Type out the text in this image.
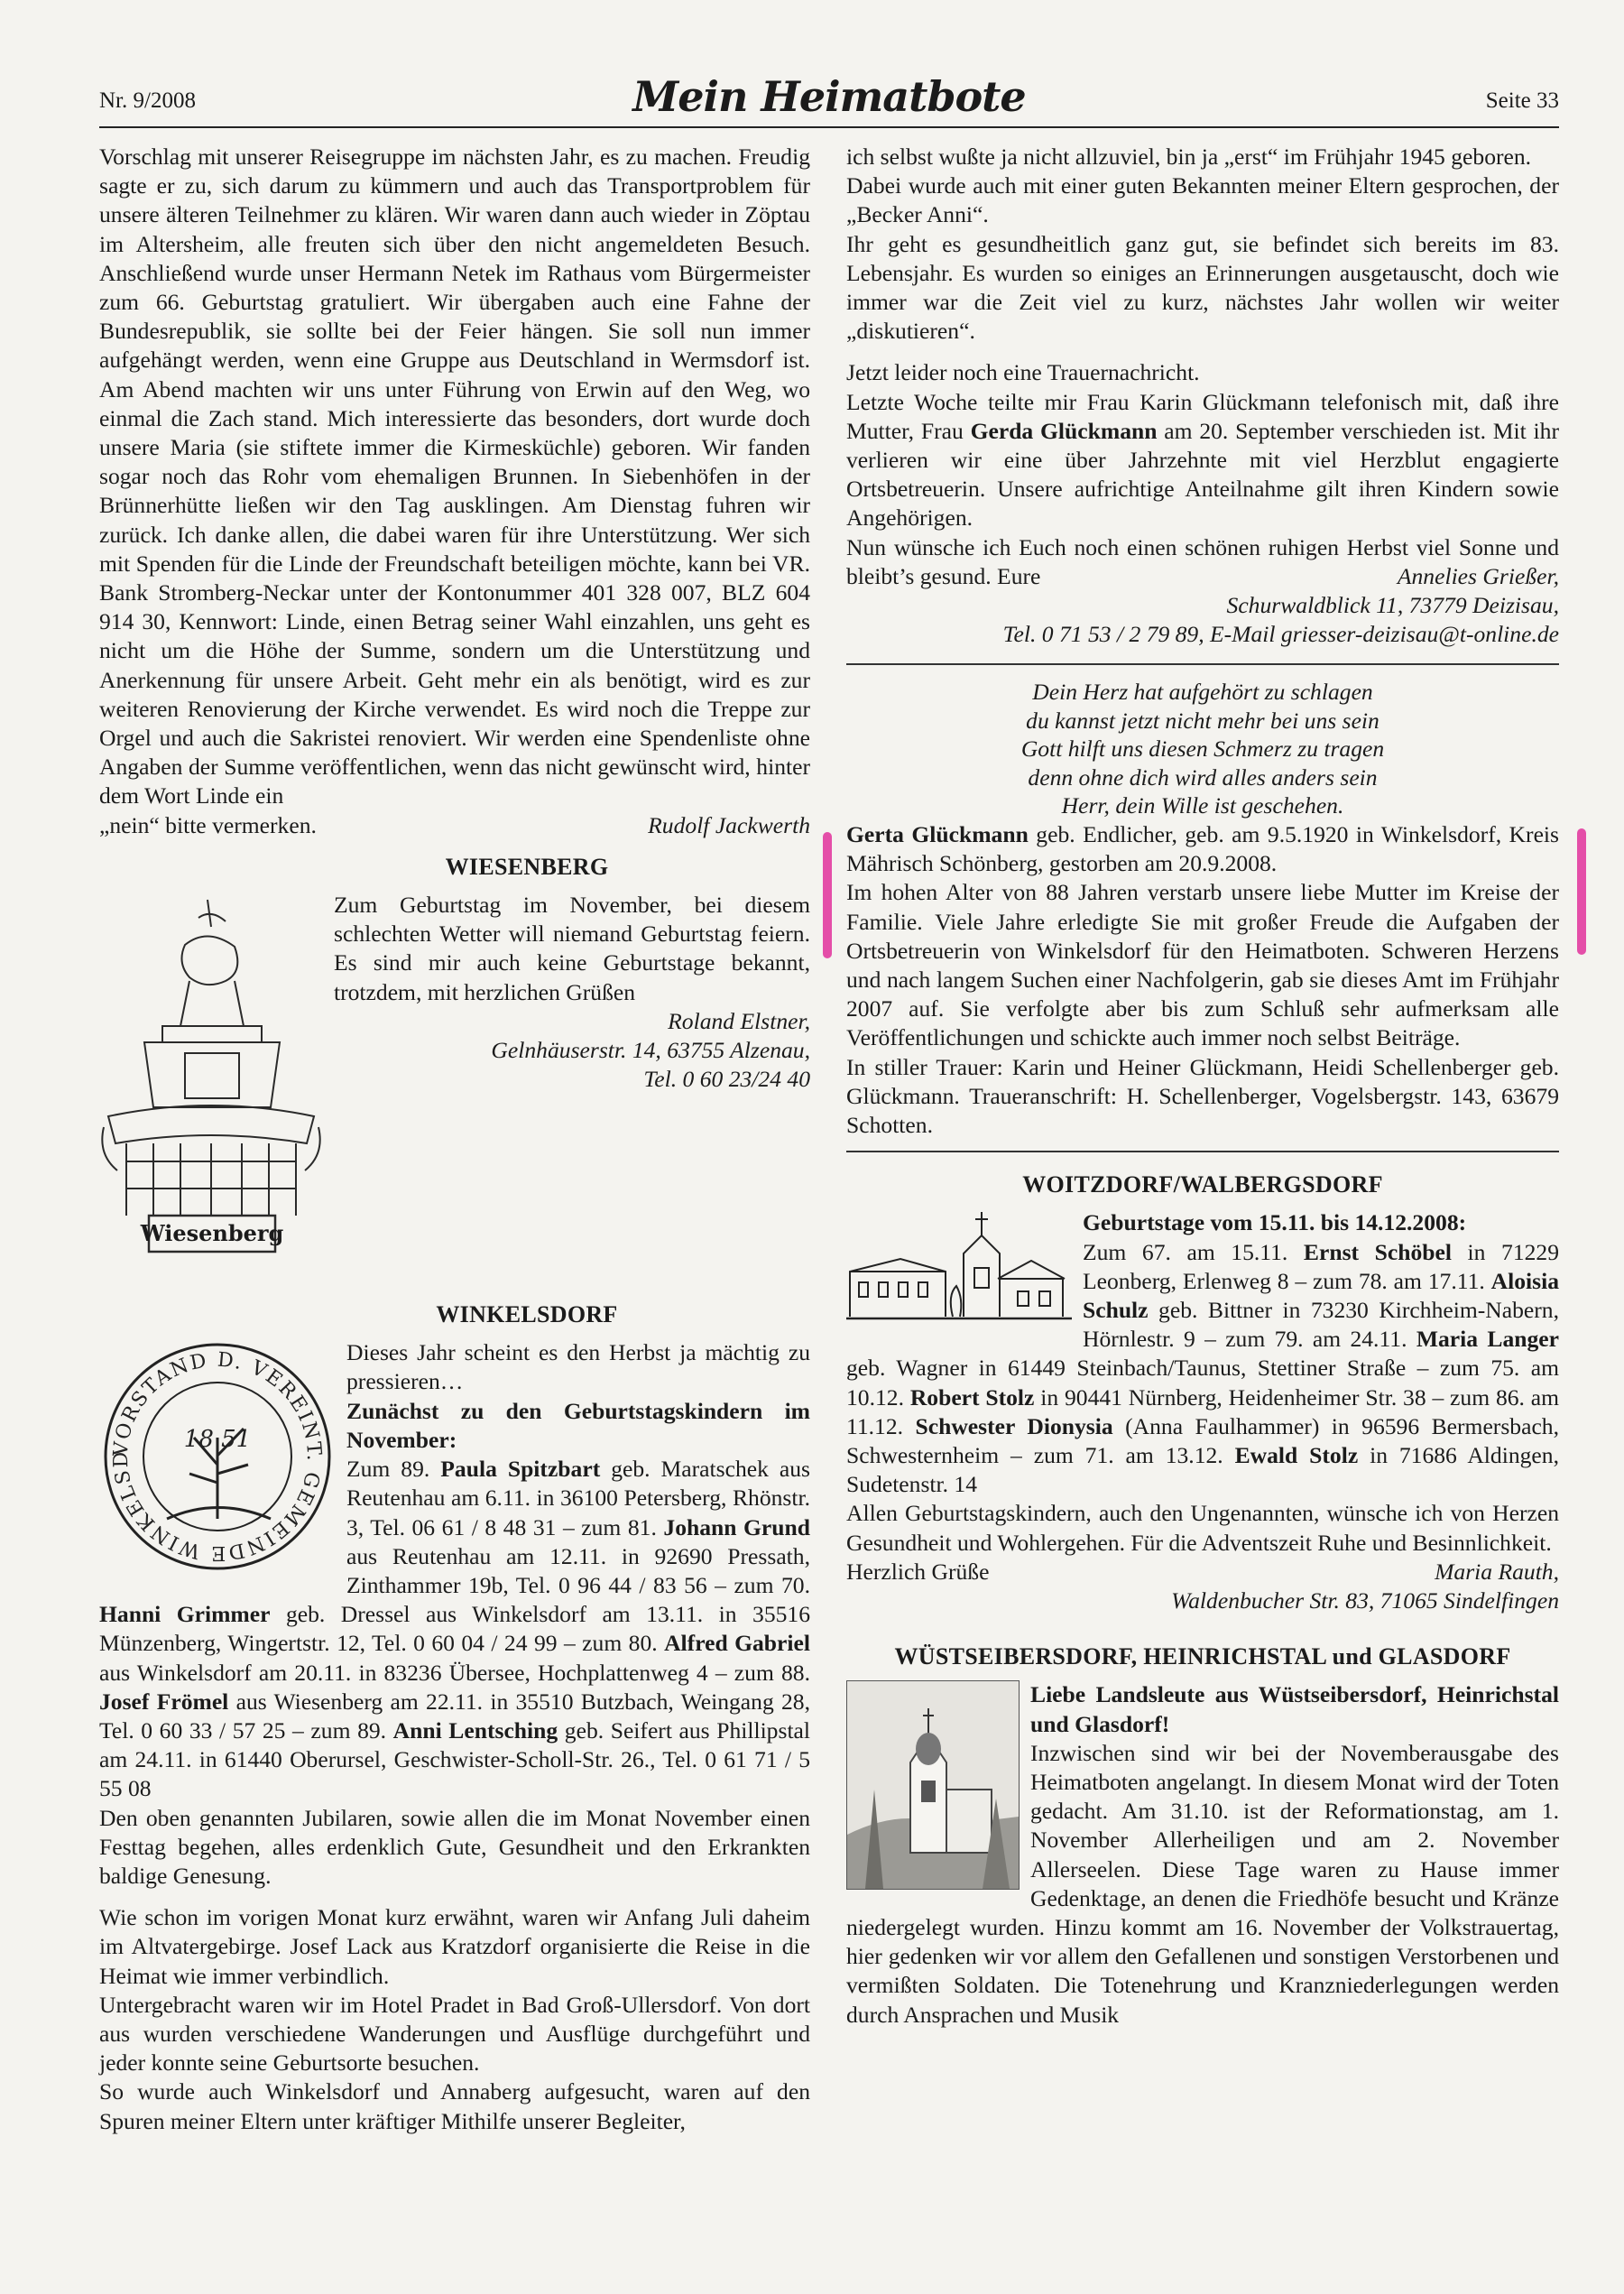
Nr. 9/2008	Mein Heimatbote	Seite 33

Vorschlag mit unserer Reisegruppe im nächsten Jahr, es zu machen. Freudig sagte er zu, sich darum zu kümmern und auch das Transportproblem für unsere älteren Teilnehmer zu klären. Wir waren dann auch wieder in Zöptau im Altersheim, alle freuten sich über den nicht angemeldeten Besuch. Anschließend wurde unser Hermann Netek im Rathaus vom Bürgermeister zum 66. Geburtstag gratuliert. Wir übergaben auch eine Fahne der Bundesrepublik, sie sollte bei der Feier hängen. Sie soll nun immer aufgehängt werden, wenn eine Gruppe aus Deutschland in Wermsdorf ist. Am Abend machten wir uns unter Führung von Erwin auf den Weg, wo einmal die Zach stand. Mich interessierte das besonders, dort wurde doch unsere Maria (sie stiftete immer die Kirmesküchle) geboren. Wir fanden sogar noch das Rohr vom ehemaligen Brunnen. In Siebenhöfen in der Brünnerhütte ließen wir den Tag ausklingen. Am Dienstag fuhren wir zurück. Ich danke allen, die dabei waren für ihre Unterstützung. Wer sich mit Spenden für die Linde der Freundschaft beteiligen möchte, kann bei VR. Bank Stromberg-Neckar unter der Kontonummer 401 328 007, BLZ 604 914 30, Kennwort: Linde, einen Betrag seiner Wahl einzahlen, uns geht es nicht um die Höhe der Summe, sondern um die Unterstützung und Anerkennung für unsere Arbeit. Geht mehr ein als benötigt, wird es zur weiteren Renovierung der Kirche verwendet. Es wird noch die Treppe zur Orgel und auch die Sakristei renoviert. Wir werden eine Spendenliste ohne Angaben der Summe veröffentlichen, wenn das nicht gewünscht wird, hinter dem Wort Linde ein

„nein“ bitte vermerken.	Rudolf Jackwerth
WIESENBERG
Wiesenberg

Zum Geburtstag im November, bei diesem schlechten Wetter will niemand Geburtstag feiern. Es sind mir auch keine Geburtstage bekannt, trotzdem, mit herzlichen Grüßen

Roland Elstner,

Gelnhäuserstr. 14, 63755 Alzenau,

Tel. 0 60 23/24 40

WINKELSDORF
VORSTAND D. VEREINT. GEMEINDE WINKELSD
18 51

Dieses Jahr scheint es den Herbst ja mächtig zu pressieren…

Zunächst zu den Geburtstagskindern im November:

Zum 89. Paula Spitzbart geb. Maratschek aus Reutenhau am 6.11. in 36100 Petersberg, Rhönstr. 3, Tel. 06 61 / 8 48 31 – zum 81. Johann Grund aus Reutenhau am 12.11. in 92690 Pressath, Zinthammer 19b, Tel. 0 96 44 / 83 56 – zum 70. Hanni Grimmer geb. Dressel aus Winkelsdorf am 13.11. in 35516 Münzenberg, Wingertstr. 12, Tel. 0 60 04 / 24 99 – zum 80. Alfred Gabriel aus Winkelsdorf am 20.11. in 83236 Übersee, Hochplattenweg 4 – zum 88. Josef Frömel aus Wiesenberg am 22.11. in 35510 Butzbach, Weingang 28, Tel. 0 60 33 / 57 25 – zum 89. Anni Lentsching geb. Seifert aus Phillipstal am 24.11. in 61440 Oberursel, Geschwister-Scholl-Str. 26., Tel. 0 61 71 / 5 55 08

Den oben genannten Jubilaren, sowie allen die im Monat November einen Festtag begehen, alles erdenklich Gute, Gesundheit und den Erkrankten baldige Genesung.

Wie schon im vorigen Monat kurz erwähnt, waren wir Anfang Juli daheim im Altvatergebirge. Josef Lack aus Kratzdorf organisierte die Reise in die Heimat wie immer verbindlich.

Untergebracht waren wir im Hotel Pradet in Bad Groß-Ullersdorf. Von dort aus wurden verschiedene Wanderungen und Ausflüge durchgeführt und jeder konnte seine Geburtsorte besuchen.

So wurde auch Winkelsdorf und Annaberg aufgesucht, waren auf den Spuren meiner Eltern unter kräftiger Mithilfe unserer Begleiter,

ich selbst wußte ja nicht allzuviel, bin ja „erst“ im Frühjahr 1945 geboren.

Dabei wurde auch mit einer guten Bekannten meiner Eltern gesprochen, der „Becker Anni“.

Ihr geht es gesundheitlich ganz gut, sie befindet sich bereits im 83. Lebensjahr. Es wurden so einiges an Erinnerungen ausgetauscht, doch wie immer war die Zeit viel zu kurz, nächstes Jahr wollen wir weiter „diskutieren“.

Jetzt leider noch eine Trauernachricht.

Letzte Woche teilte mir Frau Karin Glückmann telefonisch mit, daß ihre Mutter, Frau Gerda Glückmann am 20. September verschieden ist. Mit ihr verlieren wir eine über Jahrzehnte mit viel Herzblut engagierte Ortsbetreuerin. Unsere aufrichtige Anteilnahme gilt ihren Kindern sowie Angehörigen.

Nun wünsche ich Euch noch einen schönen ruhigen Herbst viel Sonne und bleibt’s gesund. Eure	Annelies Grießer,

Schurwaldblick 11, 73779 Deizisau,

Tel. 0 71 53 / 2 79 89, E-Mail griesser-deizisau@t-online.de

Dein Herz hat aufgehört zu schlagen
du kannst jetzt nicht mehr bei uns sein
Gott hilft uns diesen Schmerz zu tragen
denn ohne dich wird alles anders sein
Herr, dein Wille ist geschehen.

Gerta Glückmann geb. Endlicher, geb. am 9.5.1920 in Winkelsdorf, Kreis Mährisch Schönberg, gestorben am 20.9.2008.

Im hohen Alter von 88 Jahren verstarb unsere liebe Mutter im Kreise der Familie. Viele Jahre erledigte Sie mit großer Freude die Aufgaben der Ortsbetreuerin von Winkelsdorf für den Heimatboten. Schweren Herzens und nach langem Suchen einer Nachfolgerin, gab sie dieses Amt im Frühjahr 2007 auf. Sie verfolgte aber bis zum Schluß sehr aufmerksam alle Veröffentlichungen und schickte auch immer noch selbst Beiträge.

In stiller Trauer: Karin und Heiner Glückmann, Heidi Schellenberger geb. Glückmann. Traueranschrift: H. Schellenberger, Vogelsbergstr. 143, 63679 Schotten.

WOITZDORF/WALBERGSDORF

Geburtstage vom 15.11. bis 14.12.2008:

Zum 67. am 15.11. Ernst Schöbel in 71229 Leonberg, Erlenweg 8 – zum 78. am 17.11. Aloisia Schulz geb. Bittner in 73230 Kirchheim-Nabern, Hörnlestr. 9 – zum 79. am 24.11. Maria Langer geb. Wagner in 61449 Steinbach/Taunus, Stettiner Straße – zum 75. am 10.12. Robert Stolz in 90441 Nürnberg, Heidenheimer Str. 38 – zum 86. am 11.12. Schwester Dionysia (Anna Faulhammer) in 96596 Bermersbach, Schwesternheim – zum 71. am 13.12. Ewald Stolz in 71686 Aldingen, Sudetenstr. 14

Allen Geburtstagskindern, auch den Ungenannten, wünsche ich von Herzen Gesundheit und Wohlergehen. Für die Adventszeit Ruhe und Besinnlichkeit.

Herzlich Grüße	Maria Rauth,

Waldenbucher Str. 83, 71065 Sindelfingen

WÜSTSEIBERSDORF, HEINRICHSTAL und GLASDORF

Liebe Landsleute aus Wüstseibersdorf, Heinrichstal und Glasdorf!

Inzwischen sind wir bei der Novemberausgabe des Heimatboten angelangt. In diesem Monat wird der Toten gedacht. Am 31.10. ist der Reformationstag, am 1. November Allerheiligen und am 2. November Allerseelen. Diese Tage waren zu Hause immer Gedenktage, an denen die Friedhöfe besucht und Kränze niedergelegt wurden. Hinzu kommt am 16. November der Volkstrauertag, hier gedenken wir vor allem den Gefallenen und sonstigen Verstorbenen und vermißten Soldaten. Die Totenehrung und Kranzniederlegungen werden durch Ansprachen und Musik
